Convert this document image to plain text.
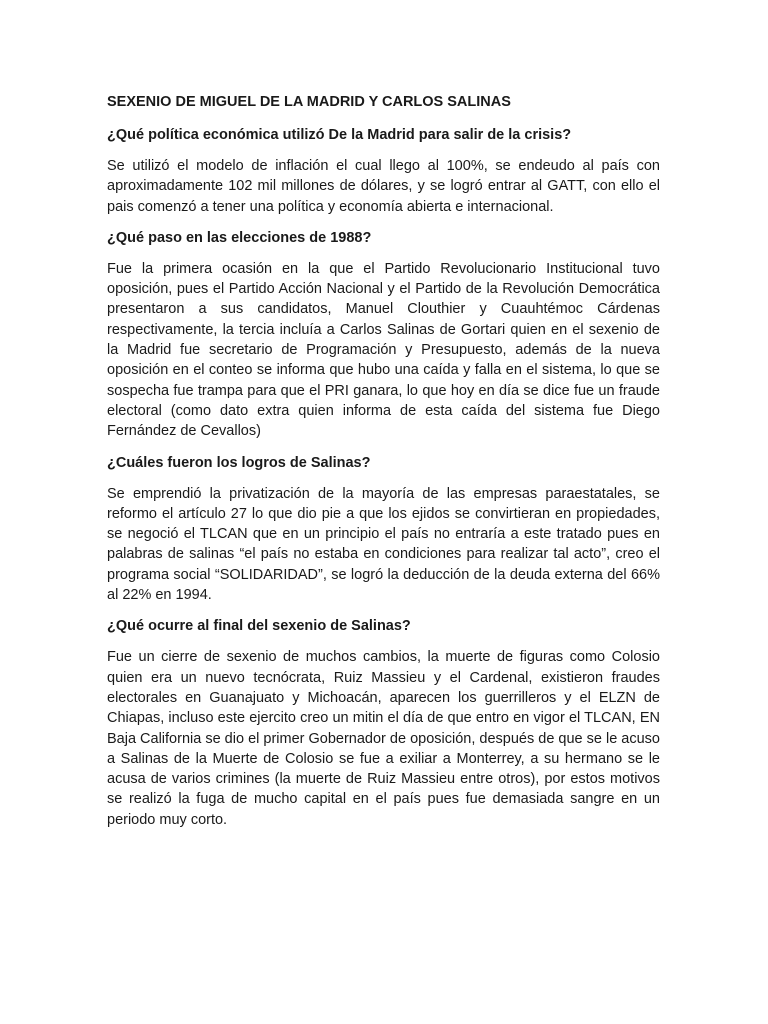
SEXENIO DE MIGUEL DE LA MADRID Y CARLOS SALINAS

¿Qué política económica utilizó De la Madrid para salir de la crisis?

Se utilizó el modelo de inflación el cual llego al 100%, se endeudo al país con aproximadamente 102 mil millones de dólares, y se logró entrar al GATT, con ello el pais comenzó a tener una política y economía abierta e internacional.

¿Qué paso en las elecciones de 1988?

Fue la primera ocasión en la que el Partido Revolucionario Institucional tuvo oposición, pues el Partido Acción Nacional y el Partido de la Revolución Democrática presentaron a sus candidatos, Manuel Clouthier y Cuauhtémoc Cárdenas respectivamente, la tercia incluía a Carlos Salinas de Gortari quien en el sexenio de la Madrid fue secretario de Programación y Presupuesto, además de la nueva oposición en el conteo se informa que hubo una caída y falla en el sistema, lo que se sospecha fue trampa para que el PRI ganara, lo que hoy en día se dice fue un fraude electoral (como dato extra quien informa de esta caída del sistema fue Diego Fernández de Cevallos)

¿Cuáles fueron los logros de Salinas?

Se emprendió la privatización de la mayoría de las empresas paraestatales, se reformo el artículo 27 lo que dio pie a que los ejidos se convirtieran en propiedades, se negoció el TLCAN que en un principio el país no entraría a este tratado pues en palabras de salinas “el país no estaba en condiciones para realizar tal acto”, creo el programa social “SOLIDARIDAD”, se logró la deducción de la deuda externa del 66% al 22% en 1994.

¿Qué ocurre al final del sexenio de Salinas?

Fue un cierre de sexenio de muchos cambios, la muerte de figuras como Colosio quien era un nuevo tecnócrata, Ruiz Massieu y el Cardenal, existieron fraudes electorales en Guanajuato y Michoacán, aparecen los guerrilleros y el ELZN de Chiapas, incluso este ejercito creo un mitin el día de que entro en vigor el TLCAN, EN Baja California se dio el primer Gobernador de oposición, después de que se le acuso a Salinas de la Muerte de Colosio se fue a exiliar a Monterrey, a su hermano se le acusa de varios crimines (la muerte de Ruiz Massieu entre otros), por estos motivos se realizó la fuga de mucho capital en el país pues fue demasiada sangre en un periodo muy corto.
